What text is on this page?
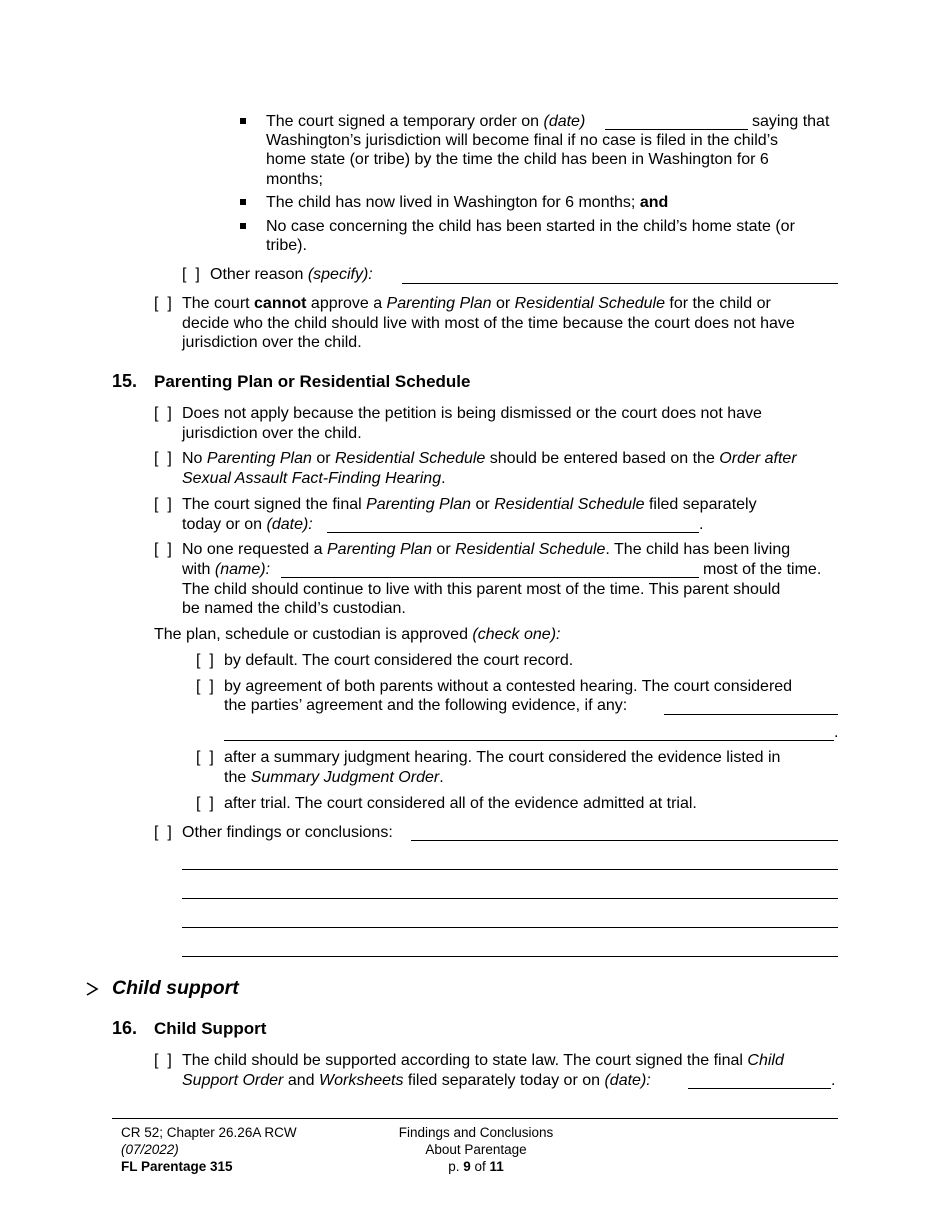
The court signed a temporary order on (date)	saying that
Washington’s jurisdiction will become final if no case is filed in the child’s
home state (or tribe) by the time the child has been in Washington for 6
months;
The child has now lived in Washington for 6 months; and
No case concerning the child has been started in the child’s home state (or
tribe).
[  ] Other reason (specify):
[  ] The court cannot approve a Parenting Plan or Residential Schedule for the child or
decide who the child should live with most of the time because the court does not have
jurisdiction over the child.
15. Parenting Plan or Residential Schedule
[  ] Does not apply because the petition is being dismissed or the court does not have
jurisdiction over the child.
[  ] No Parenting Plan or Residential Schedule should be entered based on the Order after
Sexual Assault Fact-Finding Hearing.
[  ] The court signed the final Parenting Plan or Residential Schedule filed separately
today or on (date):	.
[  ] No one requested a Parenting Plan or Residential Schedule. The child has been living
with (name):	most of the time.
The child should continue to live with this parent most of the time. This parent should
be named the child’s custodian.
The plan, schedule or custodian is approved (check one):
[  ] by default. The court considered the court record.
[  ] by agreement of both parents without a contested hearing. The court considered
the parties’ agreement and the following evidence, if any:
.
[  ] after a summary judgment hearing. The court considered the evidence listed in
the Summary Judgment Order.
[  ] after trial. The court considered all of the evidence admitted at trial.
[  ] Other findings or conclusions:
Child support
16. Child Support
[  ] The child should be supported according to state law. The court signed the final Child
Support Order and Worksheets filed separately today or on (date):	.
CR 52; Chapter 26.26A RCW
(07/2022)
FL Parentage 315
Findings and Conclusions
About Parentage
p. 9 of 11
